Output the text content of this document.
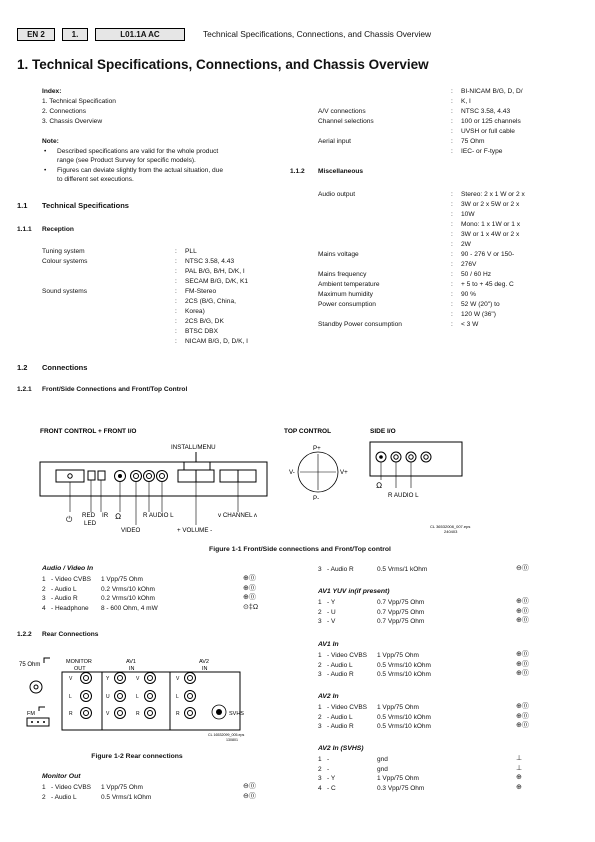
EN 2	1.	L01.1A AC	Technical Specifications, Connections, and Chassis Overview
1. Technical Specifications, Connections, and Chassis Overview
Index:
1. Technical Specification
2. Connections
3. Chassis Overview
Note:
• Described specifications are valid for the whole product
range (see Product Survey for specific models).
• Figures can deviate slightly from the actual situation, due
to different set executions.
1.1 Technical Specifications
1.1.1 Reception
Tuning system	:	PLL
Colour systems	:	NTSC 3.58, 4.43
:	PAL B/G, B/H, D/K, I
:	SECAM B/G, D/K, K1
Sound systems	:	FM-Stereo
:	2CS (B/G, China,
:	Korea)
:	2CS B/G, DK
:	BTSC DBX
:	NICAM B/G, D, D/K, I
:	BI-NICAM B/G, D, D/
:	K, I
A/V connections	:	NTSC 3.58, 4.43
Channel selections	:	100 or 125 channels
:	UVSH or full cable
Aerial input	:	75 Ohm
:	IEC- or F-type
1.1.2 Miscellaneous
Audio output	:	Stereo: 2 x 1 W or 2 x
:	3W or 2 x 5W or 2 x
:	10W
:	Mono: 1 x 1W or 1 x
:	3W or 1 x 4W or 2 x
:	2W
Mains voltage	:	90 - 276 V or 150-
:	276V
Mains frequency	:	50 / 60 Hz
Ambient temperature	:	+ 5 to + 45 deg. C
Maximum humidity	:	90 %
Power consumption	:	52 W (20") to
:	120 W (36")
Standby Power consumption	:	< 3 W
1.2 Connections
1.2.1 Front/Side Connections and Front/Top Control
FRONT CONTROL + FRONT I/O	TOP CONTROL	SIDE I/O
INSTALL/MENU
⏻ RED
LED
IR Ω
VIDEO
R AUDIO L
+ VOLUME -
v CHANNEL ʌ
P+
P-
V-	V+
Ω
R AUDIO L
CL 36532008_007.eps
240403
Figure 1-1 Front/Side connections and Front/Top control
Audio / Video In
1 - Video CVBS	1 Vpp/75 Ohm	⊕⓪
2 - Audio L	0.2 Vrms/10 kOhm	⊕⓪
3 - Audio R	0.2 Vrms/10 kOhm	⊕⓪
4 - Headphone	8 - 600 Ohm, 4 mW	⊙‡Ω
1.2.2 Rear Connections
75 Ohm
FM
MONITOR
OUT
AV1
IN
AV2
IN
V
L
R
Y
U
V
V
L
R
V
L
R	SVHS
CL 16532099_005.eps
130801
Figure 1-2 Rear connections
Monitor Out
1 - Video CVBS	1 Vpp/75 Ohm	⊖⓪
2 - Audio L	0.5 Vrms/1 kOhm	⊖⓪
3 - Audio R	0.5 Vrms/1 kOhm	⊖⓪
AV1 YUV in(if present)
1 - Y	0.7 Vpp/75 Ohm	⊕⓪
2 - U	0.7 Vpp/75 Ohm	⊕⓪
3 - V	0.7 Vpp/75 Ohm	⊕⓪
AV1 In
1 - Video CVBS	1 Vpp/75 Ohm	⊕⓪
2 - Audio L	0.5 Vrms/10 kOhm	⊕⓪
3 - Audio R	0.5 Vrms/10 kOhm	⊕⓪
AV2 In
1 - Video CVBS	1 Vpp/75 Ohm	⊕⓪
2 - Audio L	0.5 Vrms/10 kOhm	⊕⓪
3 - Audio R	0.5 Vrms/10 kOhm	⊕⓪
AV2 In (SVHS)
1 -	gnd	⊥
2 -	gnd	⊥
3 - Y	1 Vpp/75 Ohm	⊕
4 - C	0.3 Vpp/75 Ohm	⊕
